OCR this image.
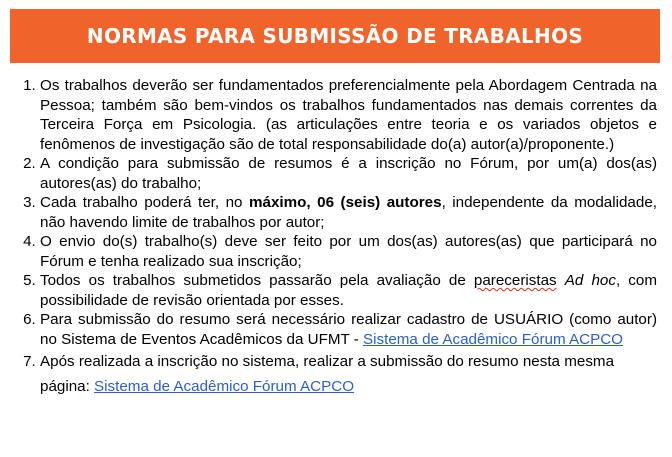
NORMAS PARA SUBMISSÃO DE TRABALHOS
1. Os trabalhos deverão ser fundamentados preferencialmente pela Abordagem Centrada na Pessoa; também são bem-vindos os trabalhos fundamentados nas demais correntes da Terceira Força em Psicologia. (as articulações entre teoria e os variados objetos e fenômenos de investigação são de total responsabilidade do(a) autor(a)/proponente.)
2. A condição para submissão de resumos é a inscrição no Fórum, por um(a) dos(as) autores(as) do trabalho;
3. Cada trabalho poderá ter, no máximo, 06 (seis) autores, independente da modalidade, não havendo limite de trabalhos por autor;
4. O envio do(s) trabalho(s) deve ser feito por um dos(as) autores(as) que participará no Fórum e tenha realizado sua inscrição;
5. Todos os trabalhos submetidos passarão pela avaliação de pareceristas Ad hoc, com possibilidade de revisão orientada por esses.
6. Para submissão do resumo será necessário realizar cadastro de USUÁRIO (como autor) no Sistema de Eventos Acadêmicos da UFMT - Sistema de Acadêmico Fórum ACPCO
7. Após realizada a inscrição no sistema, realizar a submissão do resumo nesta mesma página: Sistema de Acadêmico Fórum ACPCO
